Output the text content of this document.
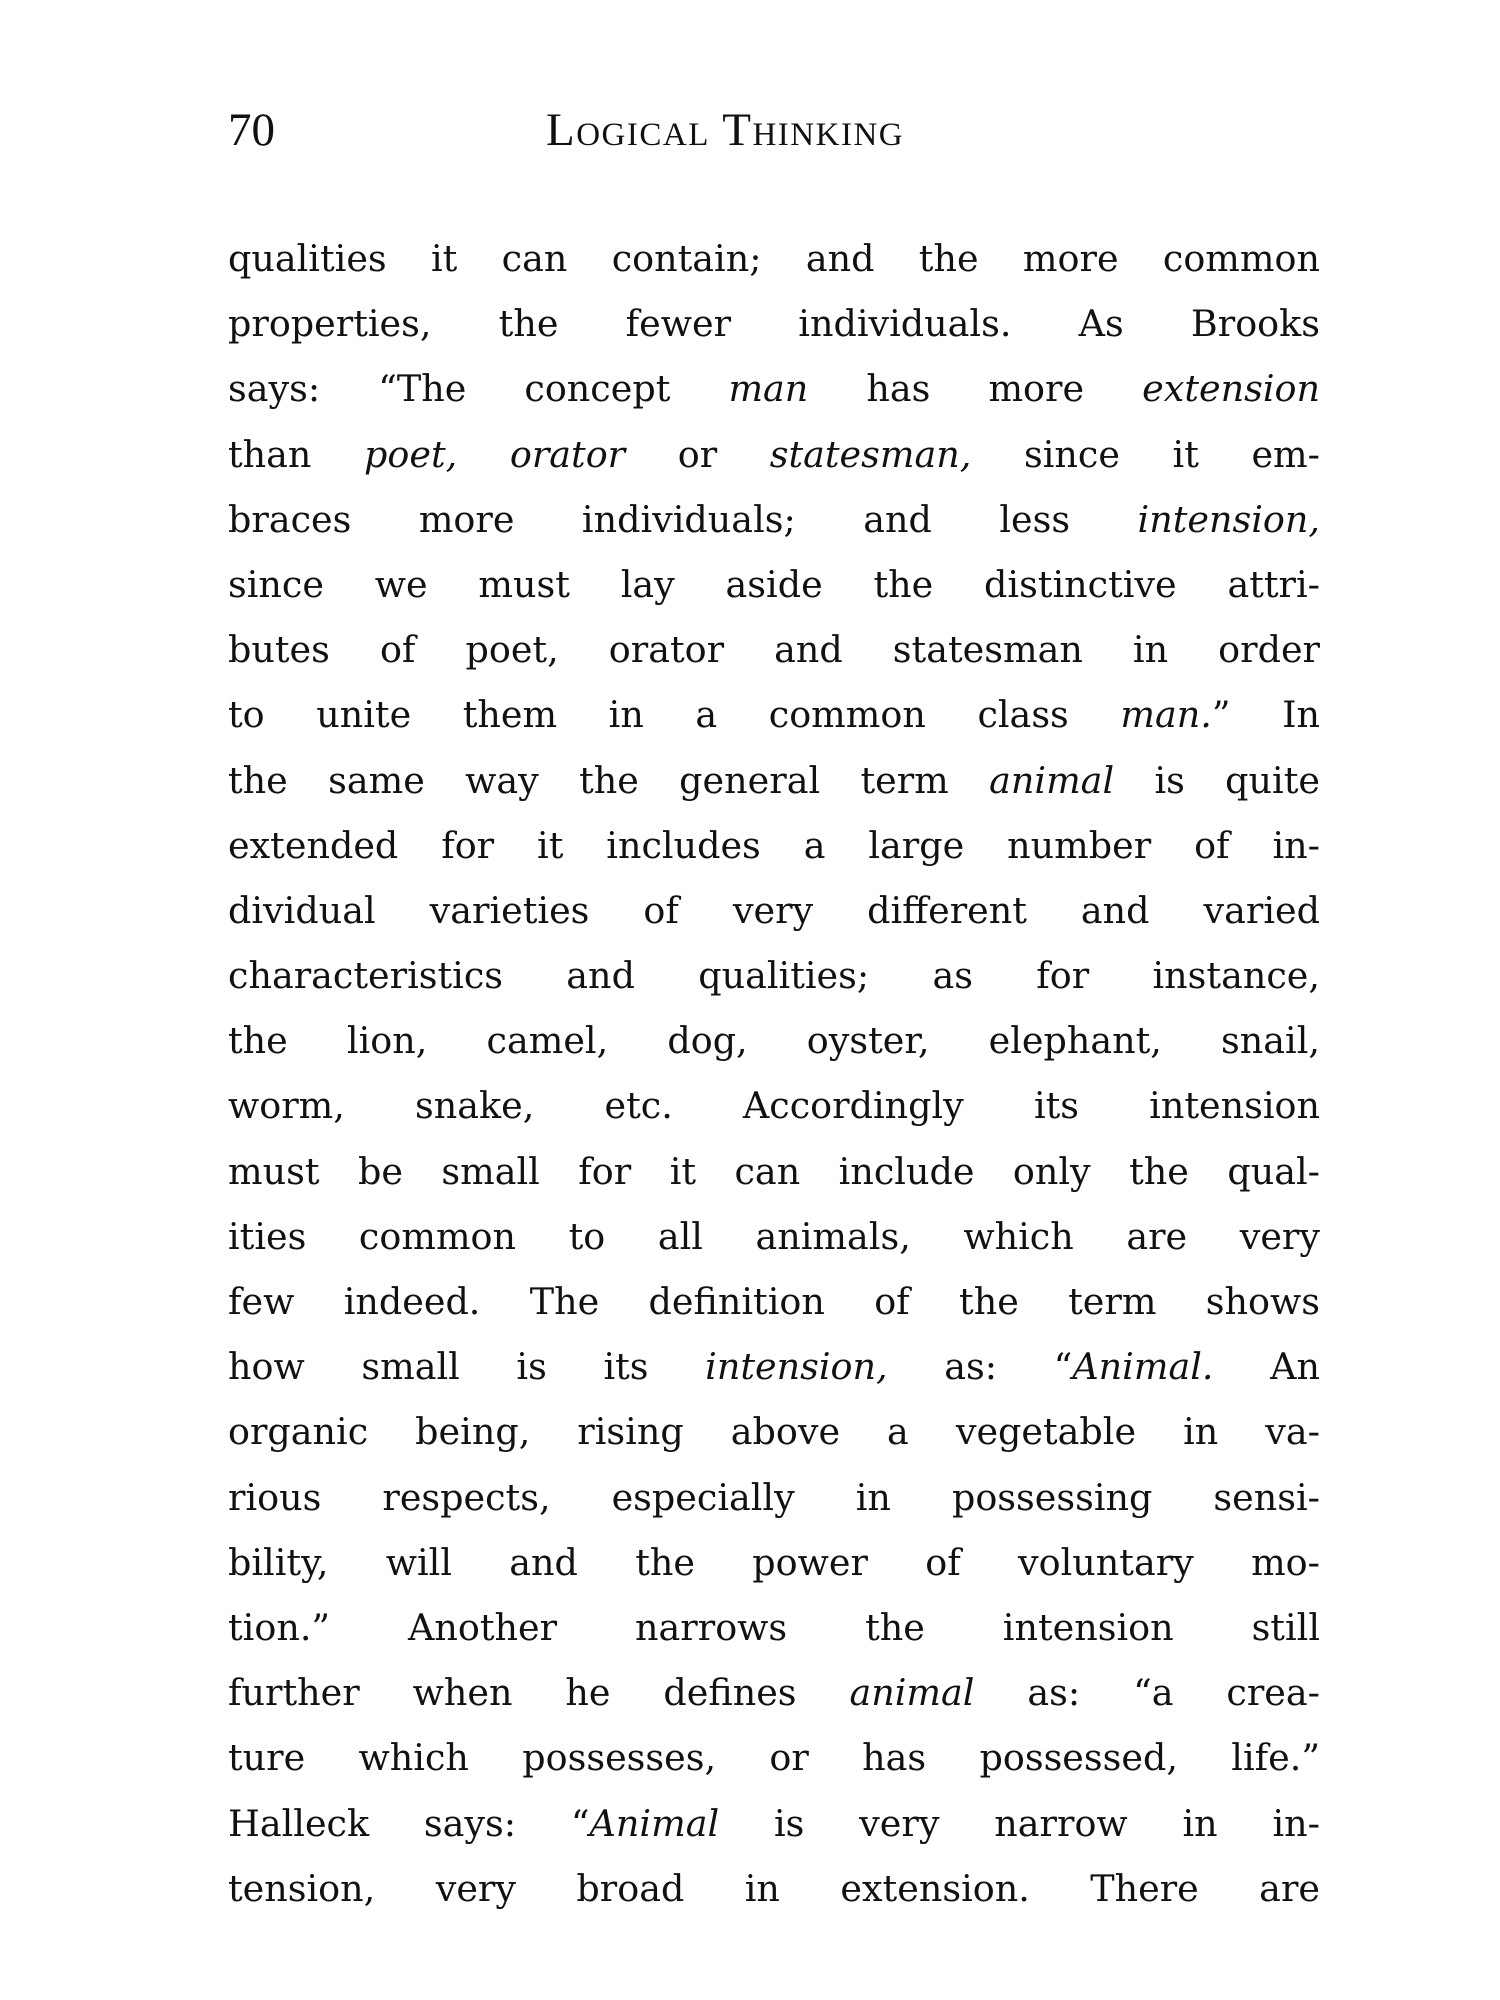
70	Logical Thinking
qualities it can contain; and the more common
properties, the fewer individuals. As Brooks
says: “The concept man has more extension
than poet, orator or statesman, since it em-
braces more individuals; and less intension,
since we must lay aside the distinctive attri-
butes of poet, orator and statesman in order
to unite them in a common class man.” In
the same way the general term animal is quite
extended for it includes a large number of in-
dividual varieties of very different and varied
characteristics and qualities; as for instance,
the lion, camel, dog, oyster, elephant, snail,
worm, snake, etc. Accordingly its intension
must be small for it can include only the qual-
ities common to all animals, which are very
few indeed. The definition of the term shows
how small is its intension, as: “Animal. An
organic being, rising above a vegetable in va-
rious respects, especially in possessing sensi-
bility, will and the power of voluntary mo-
tion.” Another narrows the intension still
further when he defines animal as: “a crea-
ture which possesses, or has possessed, life.”
Halleck says: “Animal is very narrow in in-
tension, very broad in extension. There are
